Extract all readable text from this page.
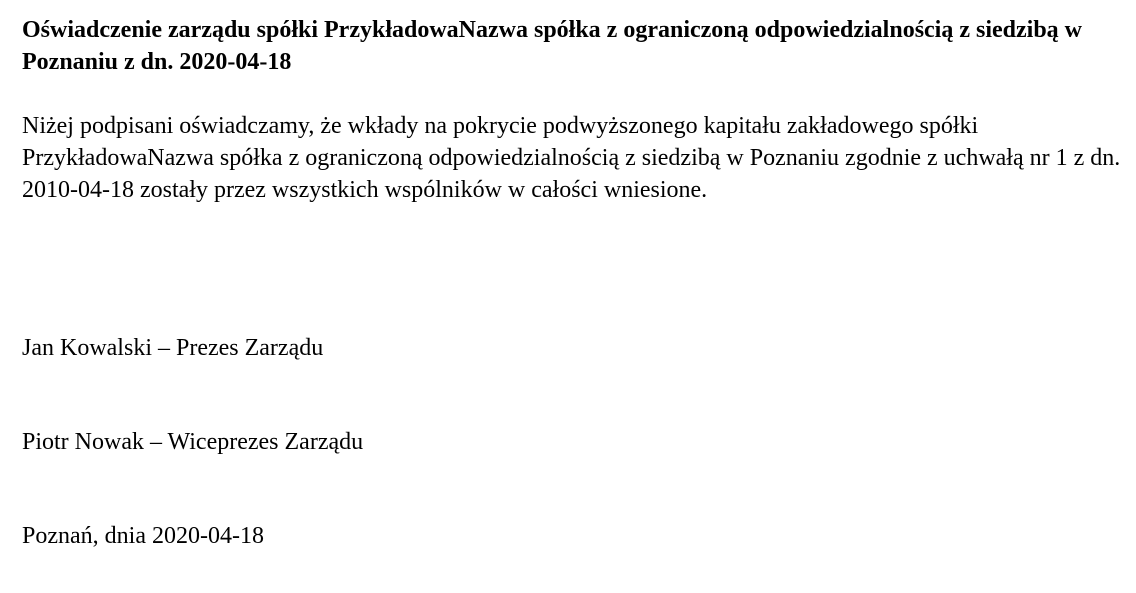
Oświadczenie zarządu spółki PrzykładowaNazwa spółka z ograniczoną odpowiedzialnością z siedzibą w Poznaniu z dn. 2020-04-18

Niżej podpisani oświadczamy, że wkłady na pokrycie podwyższonego kapitału zakładowego spółki PrzykładowaNazwa spółka z ograniczoną odpowiedzialnością z siedzibą w Poznaniu zgodnie z uchwałą nr 1 z dn. 2010-04-18 zostały przez wszystkich wspólników w całości wniesione.

Jan Kowalski – Prezes Zarządu

Piotr Nowak – Wiceprezes Zarządu

Poznań, dnia 2020-04-18
